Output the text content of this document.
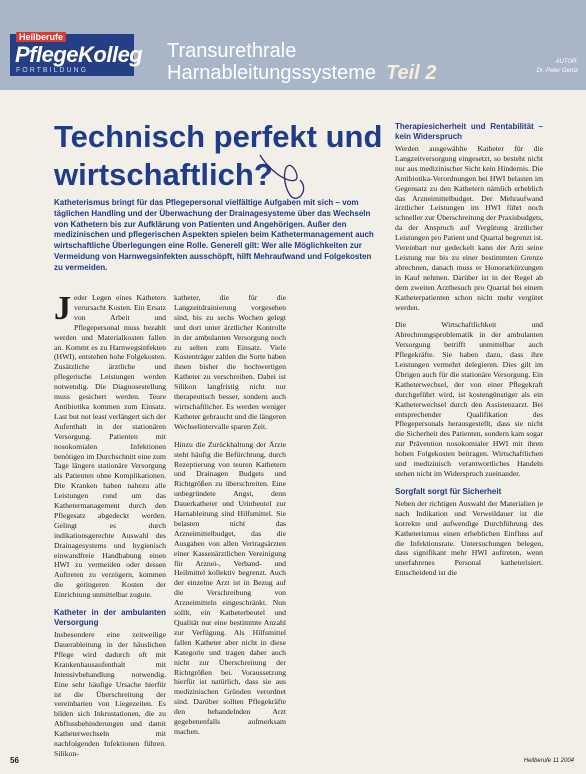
Heilberufe
PflegeKolleg
FORTBILDUNG
Transurethrale
Harnableitungssysteme Teil 2	AUTOR:
Dr. Peter Gentz
Technisch perfekt und wirtschaftlich?
Katheterismus bringt für das Pflegepersonal vielfältige Aufgaben mit sich – vom täglichen Handling und der Überwachung der Drainagesysteme über das Wechseln von Kathetern bis zur Aufklärung von Patienten und Angehörigen. Außer den medizinischen und pflegerischen Aspekten spielen beim Kathetermanagement auch wirtschaftliche Überlegungen eine Rolle. Generell gilt: Wer alle Möglichkeiten zur Vermeidung von Harnwegsinfekten ausschöpft, hilft Mehraufwand und Folgekosten zu vermeiden.

Jeder Legen eines Katheters verursacht Kosten. Ein Ersatz von Arbeit und Pflegepersonal muss bezahlt werden und Materialkosten fallen an. Kommt es zu Harnwegsinfekten (HWI), entstehen hohe Folgekosten. Zusätzliche ärztliche und pflegerische Leistungen werden notwendig. Die Diagnosestellung muss gesichert werden. Teure Antibiotika kommen zum Einsatz. Last but not least verlängert sich der Aufenthalt in der stationären Versorgung. Patienten mit nosokomialen Infektionen benötigen im Durchschnitt eine zum Tage längere stationäre Versorgung als Patienten ohne Komplikationen. Die Kranken haben nahezu alle Leistungen rund um das Kathetermanagement durch den Pflegesatz abgedeckt werden. Gelingt es durch indikationsgerechte Auswahl des Drainagesystems und hygienisch einwandfreie Handhabung einen HWI zu vermeiden oder dessen Auftreten zu verzögern, kommen die geringeren Kosten der Einrichtung unmittelbar zugute.

Katheter in der ambulanten Versorgung

Insbesondere eine zeitweilige Dauerableitung in der häuslichen Pflege wird dadurch oft mit Krankenhausaufenthalt mit Intensivbehandlung notwendig. Eine sehr häufige Ursache hierfür ist die Überschreitung der vereinbarten von Liegezeiten. Es bilden sich Inkrustationen, die zu Abflussbehinderungen und damit Katheterwechseln mit nachfolgenden Infektionen führen. Silikon-

katheter, die für die Langzeitdrainierung vorgesehen sind, bis zu sechs Wochen gelegt und dort unter ärztlicher Kontrolle in der ambulanten Versorgung noch zu selten zum Einsatz. Viele Kostenträger zahlen die Sorte haben ihnen bisher die hochwertigen Katheter zu verschreiben. Dabei ist Silikon langfristig nicht nur therapeutisch besser, sondern auch wirtschaftlicher. Es werden weniger Katheter gebraucht und die längeren Wechselintervalle sparen Zeit.

Hinzu die Zurückhaltung der Ärzte steht häufig die Befürchtung, durch Rezeptierung von teuren Kathetern und Drainagen Budgets und Richtgrößen zu überschreiten. Eine unbegründete Angst, denn Dauerkatheter und Urinbeutel zur Harnableitung sind Hilfsmittel. Sie belasten nicht das Arzneimittelbudget, das die Ausgaben von allen Vertragsärzten einer Kassenärztlichen Vereinigung für Arznei-, Verband- und Heilmittel kollektiv begrenzt. Auch der einzelne Arzt ist in Bezug auf die Verschreibung von Arzneimitteln eingeschränkt. Nun solllt, ein Katheterbeutel und Qualität nur eine bestimmte Anzahl zur Verfügung. Als Hilfsmittel fallen Katheter aber nicht in diese Kategorie und tragen daher auch nicht zur Überschreitung der Richtgrößen bei. Voraussetzung hierfür ist natürlich, dass sie aus medizinischen Gründen verordnet sind. Darüber sollten Pflegekräfte den behandelnden Arzt gegebenenfalls aufmerksam machen.

Therapiesicherheit und Rentabilität – kein Widerspruch

Werden ausgewählte Katheter für die Langzeitversorgung eingesetzt, so besteht nicht nur aus medizinischer Sicht kein Hindernis. Die Antibiotika-Verordnungen bei HWI belasten im Gegensatz zu den Kathetern nämlich erheblich das Arzneimittelbudget. Der Mehraufwand ärztlicher Leistungen im HWI führt noch schneller zur Überschreitung der Praxisbudgets, da der Anspruch auf Vergütung ärztlicher Leistungen pro Patient und Quartal begrenzt ist. Vereinbart nur gedeckelt kann der Arzt seine Leistung nur bis zu einer bestimmten Grenze abrechnen, danach muss er Honorarkürzungen in Kauf nehmen. Darüber ist in der Regel ab dem zweiten Arztbesuch pro Quartal bei einem Katheterpatienten schon nicht mehr vergütet werden.

Die Wirtschaftlichkeit und Abrechnungsproblematik in der ambulanten Versorgung betrifft unmittelbar auch Pflegekräfte. Sie haben dazu, dass ihre Leistungen vermehrt delegieren. Dies gilt im Übrigen auch für die stationäre Versorgung. Ein Katheterwechsel, der von einer Pflegekraft durchgeführt wird, ist kostengünstiger als ein Katheterwechsel durch den Assistenzarzt. Bei entsprechender Qualifikation des Pflegepersonals herausgestellt, dass sie nicht die Sicherheit des Patienten, sondern kam sogar zur Prävention nosokomialer HWI mit ihren hohen Folgekosten beitragen. Wirtschaftlichen und medizinisch verantwortliches Handeln stehen nicht im Widerspruch zueinander.

Sorgfalt sorgt für Sicherheit

Neben der richtigen Auswahl der Materialien je nach Indikation und Verweildauer ist die korrekte und aufwendige Durchführung des Katheterismus einen erheblichen Einfluss auf die Infektionsrate. Untersuchungen belegen, dass signifikant mehr HWI auftreten, wenn unerfahrenes Personal katheterisiert. Entscheidend ist die

56	Heilberufe 11 2004
